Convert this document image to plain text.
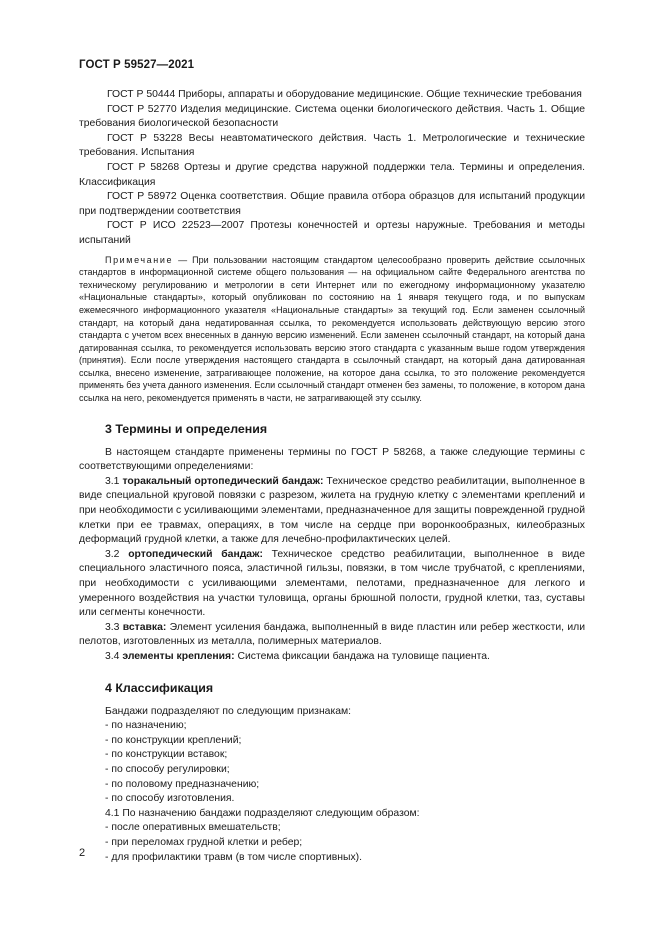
ГОСТ Р 59527—2021

ГОСТ Р 50444 Приборы, аппараты и оборудование медицинские. Общие технические требования

ГОСТ Р 52770 Изделия медицинские. Система оценки биологического действия. Часть 1. Общие требования биологической безопасности

ГОСТ Р 53228 Весы неавтоматического действия. Часть 1. Метрологические и технические требования. Испытания

ГОСТ Р 58268 Ортезы и другие средства наружной поддержки тела. Термины и определения. Классификация

ГОСТ Р 58972 Оценка соответствия. Общие правила отбора образцов для испытаний продукции при подтверждении соответствия

ГОСТ Р ИСО 22523—2007 Протезы конечностей и ортезы наружные. Требования и методы испытаний

Примечание — При пользовании настоящим стандартом целесообразно проверить действие ссылочных стандартов в информационной системе общего пользования — на официальном сайте Федерального агентства по техническому регулированию и метрологии в сети Интернет или по ежегодному информационному указателю «Национальные стандарты», который опубликован по состоянию на 1 января текущего года, и по выпускам ежемесячного информационного указателя «Национальные стандарты» за текущий год. Если заменен ссылочный стандарт, на который дана недатированная ссылка, то рекомендуется использовать действующую версию этого стандарта с учетом всех внесенных в данную версию изменений. Если заменен ссылочный стандарт, на который дана датированная ссылка, то рекомендуется использовать версию этого стандарта с указанным выше годом утверждения (принятия). Если после утверждения настоящего стандарта в ссылочный стандарт, на который дана датированная ссылка, внесено изменение, затрагивающее положение, на которое дана ссылка, то это положение рекомендуется применять без учета данного изменения. Если ссылочный стандарт отменен без замены, то положение, в котором дана ссылка на него, рекомендуется применять в части, не затрагивающей эту ссылку.

3 Термины и определения

В настоящем стандарте применены термины по ГОСТ Р 58268, а также следующие термины с соответствующими определениями:

3.1 торакальный ортопедический бандаж: Техническое средство реабилитации, выполненное в виде специальной круговой повязки с разрезом, жилета на грудную клетку с элементами креплений и при необходимости с усиливающими элементами, предназначенное для защиты поврежденной грудной клетки при ее травмах, операциях, в том числе на сердце при воронкообразных, килеобразных деформаций грудной клетки, а также для лечебно-профилактических целей.

3.2 ортопедический бандаж: Техническое средство реабилитации, выполненное в виде специального эластичного пояса, эластичной гильзы, повязки, в том числе трубчатой, с креплениями, при необходимости с усиливающими элементами, пелотами, предназначенное для легкого и умеренного воздействия на участки туловища, органы брюшной полости, грудной клетки, таз, суставы или сегменты конечности.

3.3 вставка: Элемент усиления бандажа, выполненный в виде пластин или ребер жесткости, или пелотов, изготовленных из металла, полимерных материалов.

3.4 элементы крепления: Система фиксации бандажа на туловище пациента.

4 Классификация

Бандажи подразделяют по следующим признакам:

- по назначению;

- по конструкции креплений;

- по конструкции вставок;

- по способу регулировки;

- по половому предназначению;

- по способу изготовления.

4.1 По назначению бандажи подразделяют следующим образом:

- после оперативных вмешательств;

- при переломах грудной клетки и ребер;

- для профилактики травм (в том числе спортивных).

2
